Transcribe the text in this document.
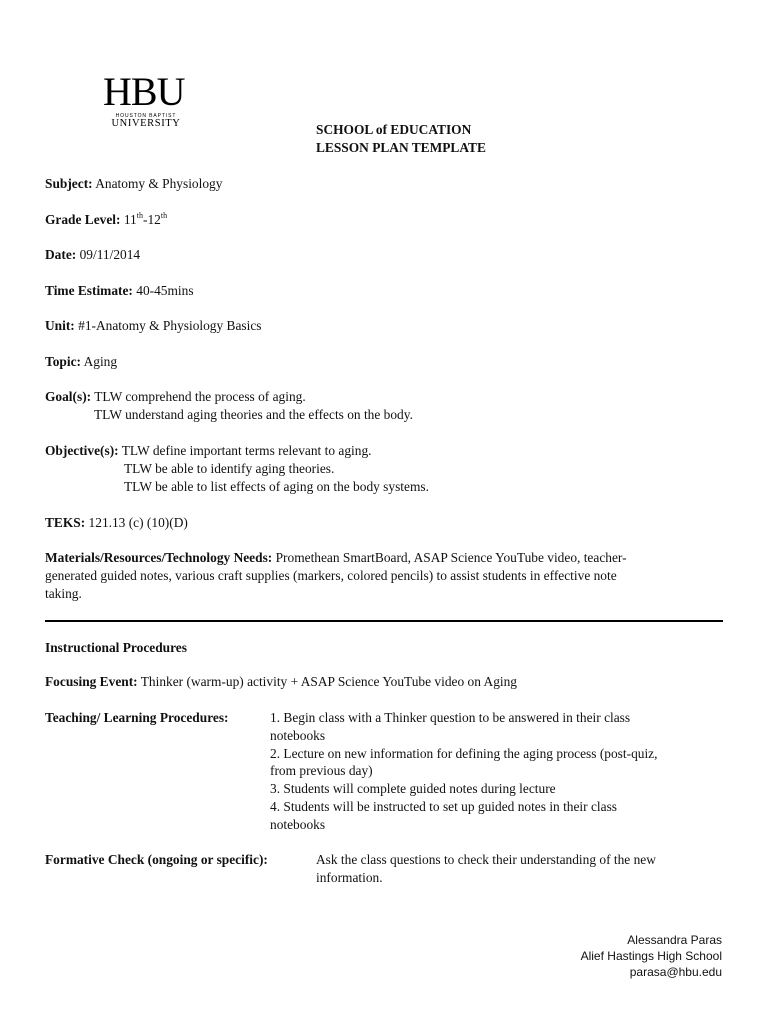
HBU
HOUSTON BAPTIST
UNIVERSITY	SCHOOL of EDUCATION
LESSON PLAN TEMPLATE
Subject: Anatomy & Physiology
Grade Level: 11th-12th
Date: 09/11/2014
Time Estimate: 40-45mins
Unit: #1-Anatomy & Physiology Basics
Topic: Aging
Goal(s): TLW comprehend the process of aging.
TLW understand aging theories and the effects on the body.
Objective(s): TLW define important terms relevant to aging.
TLW be able to identify aging theories.
TLW be able to list effects of aging on the body systems.
TEKS: 121.13 (c) (10)(D)
Materials/Resources/Technology Needs: Promethean SmartBoard, ASAP Science YouTube video, teacher-
generated guided notes, various craft supplies (markers, colored pencils) to assist students in effective note
taking.
Instructional Procedures
Focusing Event: Thinker (warm-up) activity + ASAP Science YouTube video on Aging
Teaching/ Learning Procedures:	1. Begin class with a Thinker question to be answered in their class
notebooks
2. Lecture on new information for defining the aging process (post-quiz,
from previous day)
3. Students will complete guided notes during lecture
4. Students will be instructed to set up guided notes in their class
notebooks
Formative Check (ongoing or specific):	Ask the class questions to check their understanding of the new
information.
Alessandra Paras
Alief Hastings High School
parasa@hbu.edu
